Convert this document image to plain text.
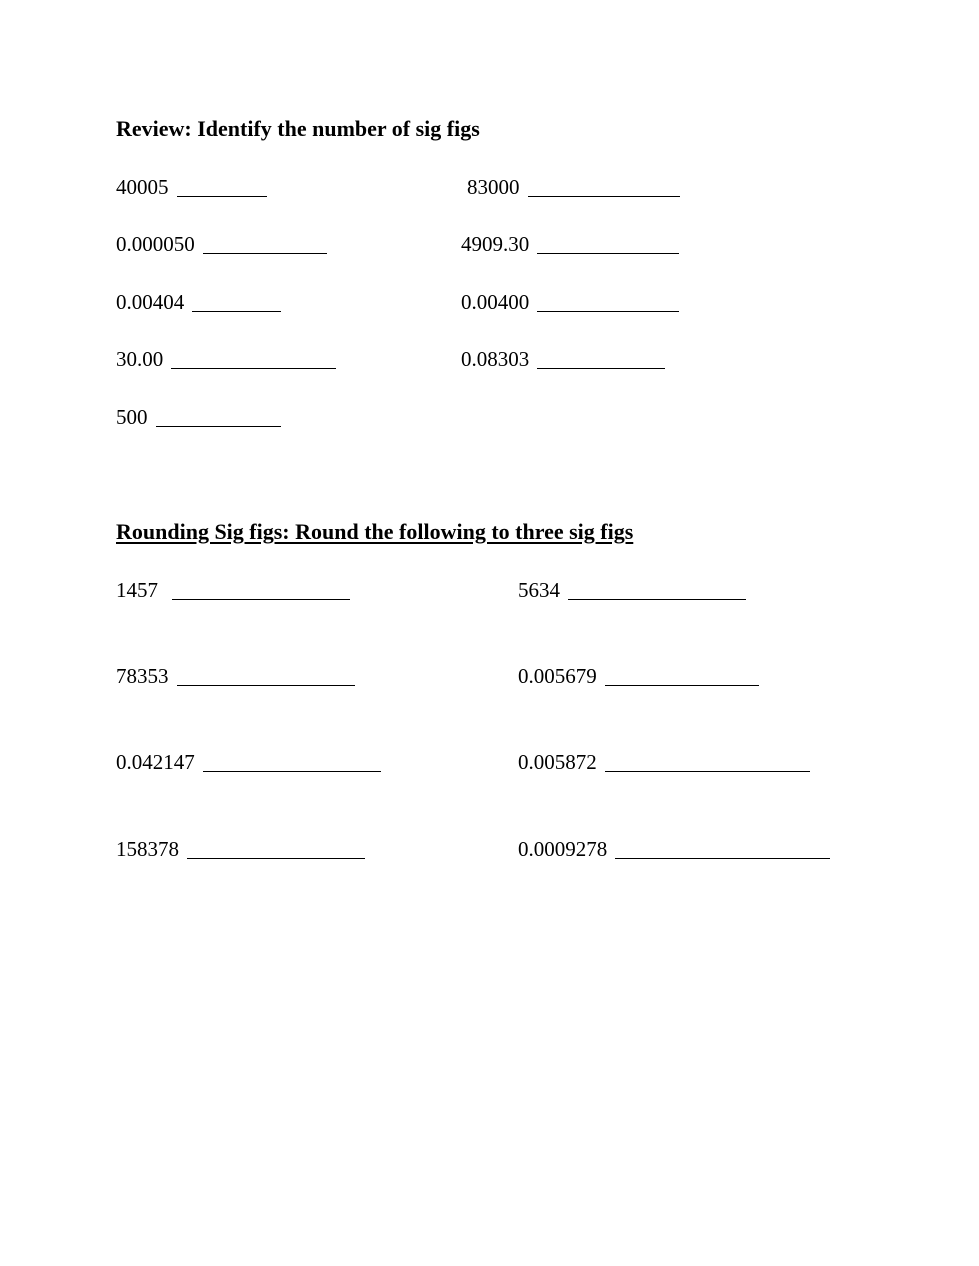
Review: Identify the number of sig figs
40005	83000
0.000050	4909.30
0.00404	0.00400
30.00	0.08303
500
Rounding Sig figs: Round the following to three sig figs
1457	5634
78353	0.005679
0.042147	0.005872
158378	0.0009278
